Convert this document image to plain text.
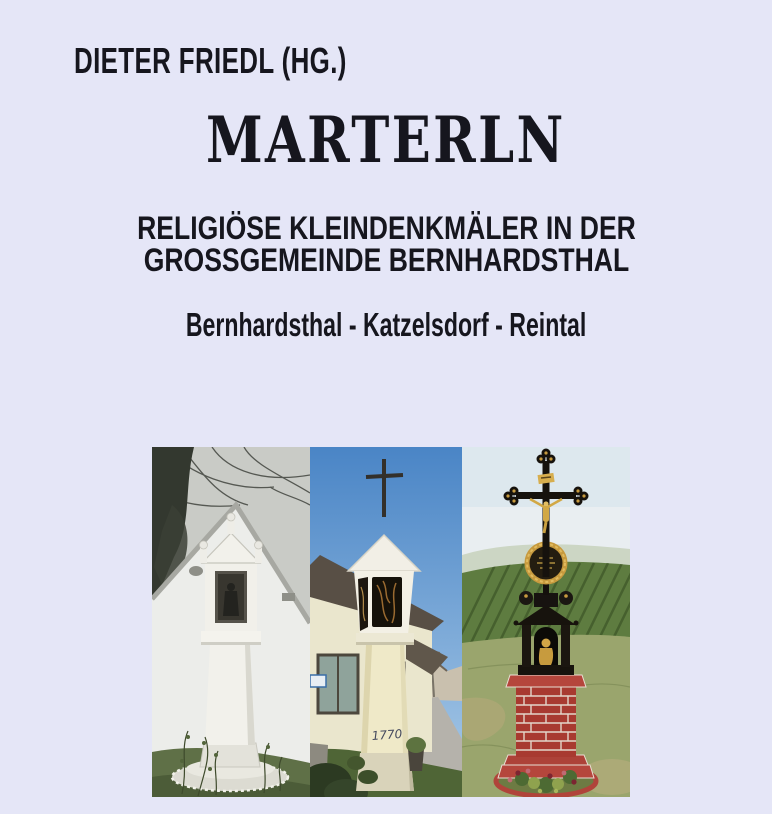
DIETER FRIEDL (HG.)
MARTERLN
RELIGIÖSE KLEINDENKMÄLER IN DER
GROSSGEMEINDE BERNHARDSTHAL
Bernhardsthal - Katzelsdorf - Reintal
1770
